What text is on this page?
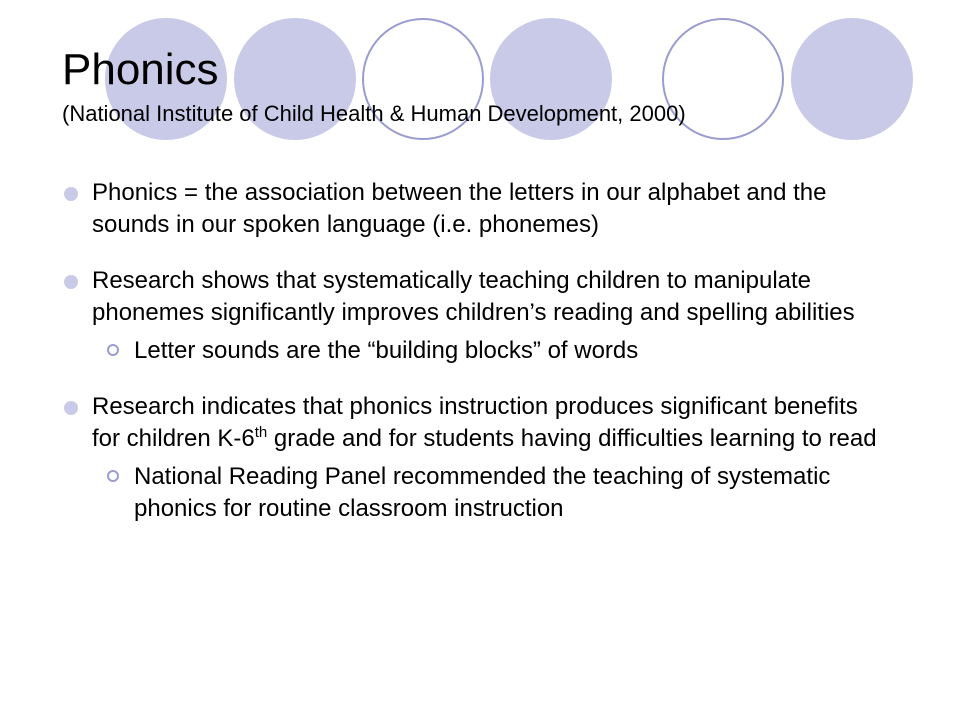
Phonics
(National Institute of Child Health & Human Development, 2000)
Phonics = the association between the letters in our alphabet and the sounds in our spoken language (i.e. phonemes)
Research shows that systematically teaching children to manipulate phonemes significantly improves children’s reading and spelling abilities
Letter sounds are the “building blocks” of words
Research indicates that phonics instruction produces significant benefits for children K-6th grade and for students having difficulties learning to read
National Reading Panel recommended the teaching of systematic phonics for routine classroom instruction
